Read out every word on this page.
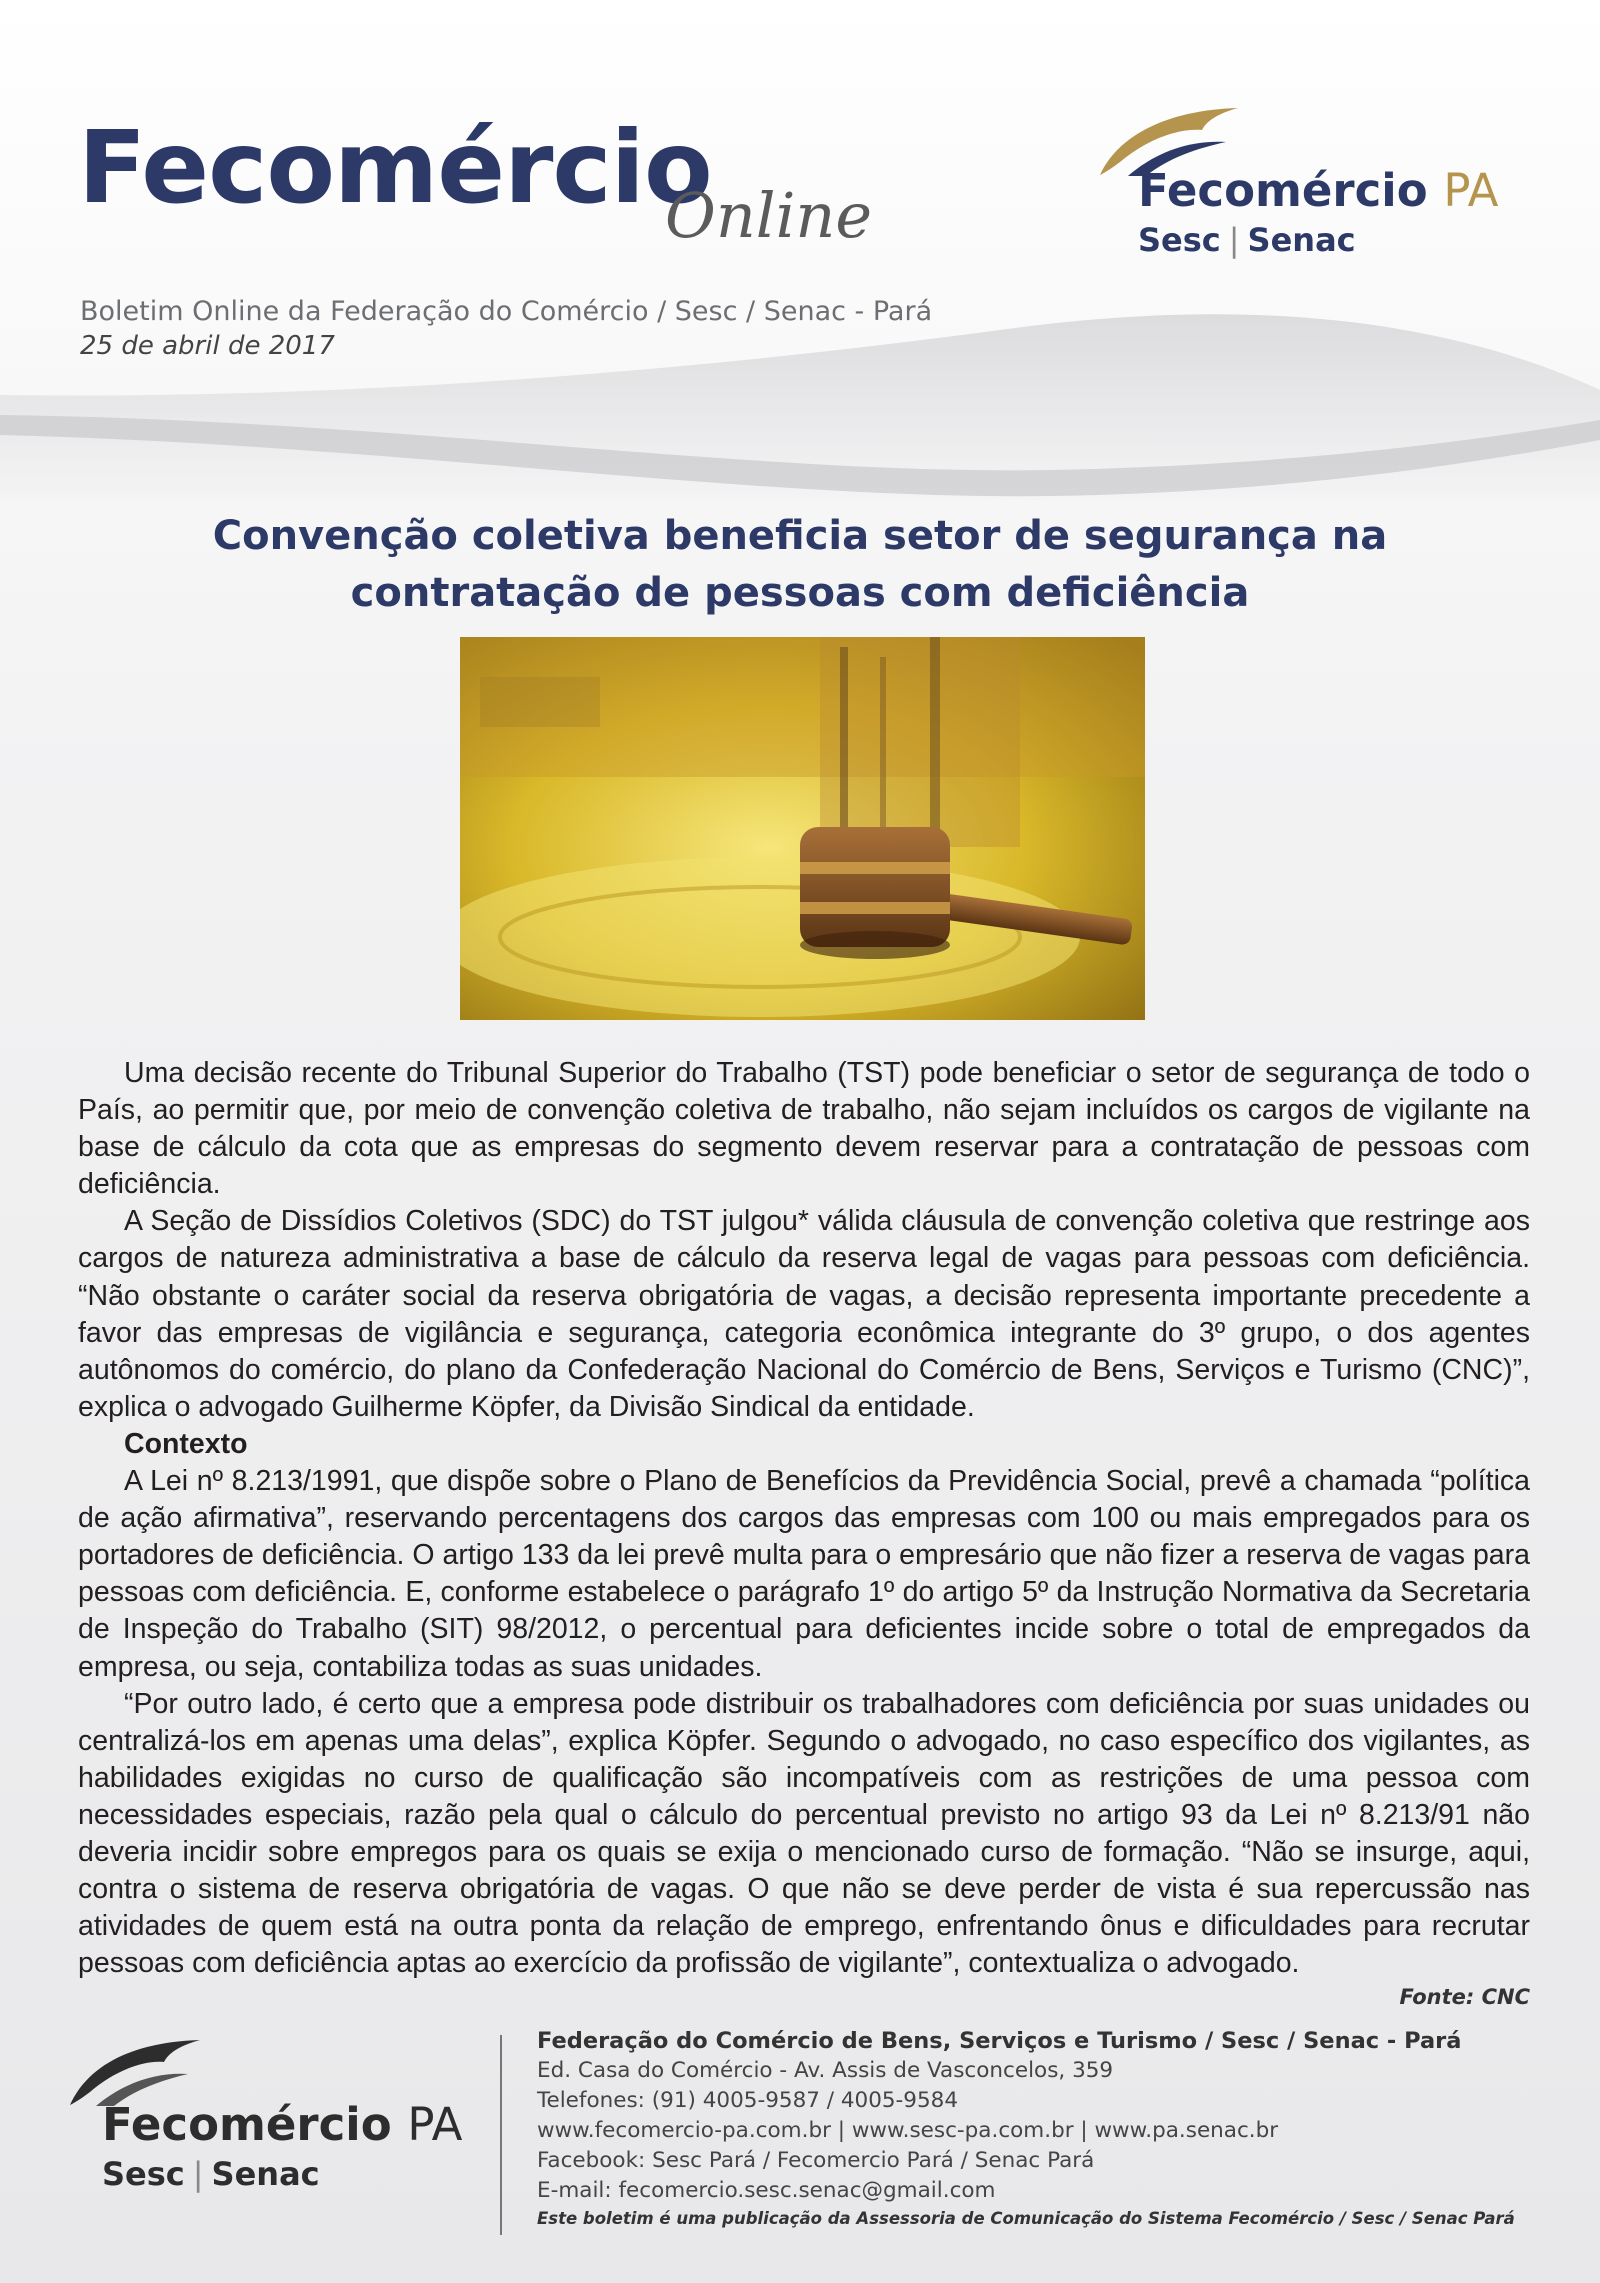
Fecomércio
Online
Boletim Online da Federação do Comércio / Sesc / Senac - Pará
25 de abril de 2017
Fecomércio PA
Sesc | Senac
Convenção coletiva beneficia setor de segurança na contratação de pessoas com deficiência

Uma decisão recente do Tribunal Superior do Trabalho (TST) pode beneficiar o setor de segurança de todo o País, ao permitir que, por meio de convenção coletiva de trabalho, não sejam incluídos os cargos de vigilante na base de cálculo da cota que as empresas do segmento devem reservar para a contratação de pessoas com deficiência.

A Seção de Dissídios Coletivos (SDC) do TST julgou* válida cláusula de convenção coletiva que restringe aos cargos de natureza administrativa a base de cálculo da reserva legal de vagas para pessoas com deficiência. “Não obstante o caráter social da reserva obrigatória de vagas, a decisão representa importante precedente a favor das empresas de vigilância e segurança, categoria econômica integrante do 3º grupo, o dos agentes autônomos do comércio, do plano da Confederação Nacional do Comércio de Bens, Serviços e Turismo (CNC)”, explica o advogado Guilherme Köpfer, da Divisão Sindical da entidade.

Contexto

A Lei nº 8.213/1991, que dispõe sobre o Plano de Benefícios da Previdência Social, prevê a chamada “política de ação afirmativa”, reservando percentagens dos cargos das empresas com 100 ou mais empregados para os portadores de deficiência. O artigo 133 da lei prevê multa para o empresário que não fizer a reserva de vagas para pessoas com deficiência. E, conforme estabelece o parágrafo 1º do artigo 5º da Instrução Normativa da Secretaria de Inspeção do Trabalho (SIT) 98/2012, o percentual para deficientes incide sobre o total de empregados da empresa, ou seja, contabiliza todas as suas unidades.

“Por outro lado, é certo que a empresa pode distribuir os trabalhadores com deficiência por suas unidades ou centralizá-los em apenas uma delas”, explica Köpfer. Segundo o advogado, no caso específico dos vigilantes, as habilidades exigidas no curso de qualificação são incompatíveis com as restrições de uma pessoa com necessidades especiais, razão pela qual o cálculo do percentual previsto no artigo 93 da Lei nº 8.213/91 não deveria incidir sobre empregos para os quais se exija o mencionado curso de formação. “Não se insurge, aqui, contra o sistema de reserva obrigatória de vagas. O que não se deve perder de vista é sua repercussão nas atividades de quem está na outra ponta da relação de emprego, enfrentando ônus e dificuldades para recrutar pessoas com deficiência aptas ao exercício da profissão de vigilante”, contextualiza o advogado.

Fonte: CNC
Fecomércio PA
Sesc | Senac
Federação do Comércio de Bens, Serviços e Turismo / Sesc / Senac - Pará
Ed. Casa do Comércio - Av. Assis de Vasconcelos, 359
Telefones: (91) 4005-9587 / 4005-9584
www.fecomercio-pa.com.br | www.sesc-pa.com.br | www.pa.senac.br
Facebook: Sesc Pará / Fecomercio Pará / Senac Pará
E-mail: fecomercio.sesc.senac@gmail.com
Este boletim é uma publicação da Assessoria de Comunicação do Sistema Fecomércio / Sesc / Senac Pará
